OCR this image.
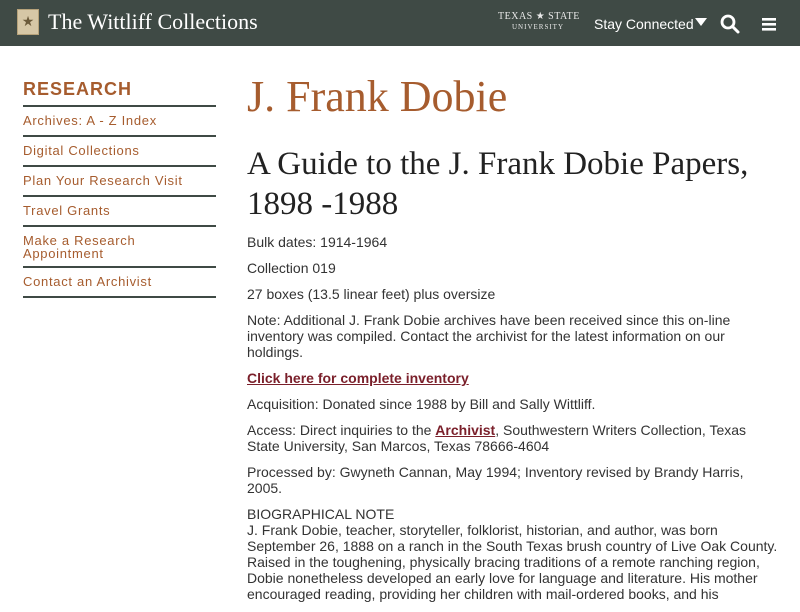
★ The Wittliff Collections	TEXAS ★ STATE
UNIVERSITY	Stay Connected
RESEARCH
Archives: A - Z Index
Digital Collections
Plan Your Research Visit
Travel Grants
Make a Research Appointment
Contact an Archivist
J. Frank Dobie
A Guide to the J. Frank Dobie Papers, 1898 -1988

Bulk dates: 1914-1964

Collection 019

27 boxes (13.5 linear feet) plus oversize

Note: Additional J. Frank Dobie archives have been received since this on-line inventory was compiled. Contact the archivist for the latest information on our holdings.

Click here for complete inventory

Acquisition: Donated since 1988 by Bill and Sally Wittliff.

Access: Direct inquiries to the Archivist, Southwestern Writers Collection, Texas State University, San Marcos, Texas 78666-4604

Processed by: Gwyneth Cannan, May 1994; Inventory revised by Brandy Harris, 2005.

BIOGRAPHICAL NOTE

J. Frank Dobie, teacher, storyteller, folklorist, historian, and author, was born September 26, 1888 on a ranch in the South Texas brush country of Live Oak County. Raised in the toughening, physically bracing traditions of a remote ranching region, Dobie nonetheless developed an early love for language and literature. His mother encouraged reading, providing her children with mail-ordered books, and his
